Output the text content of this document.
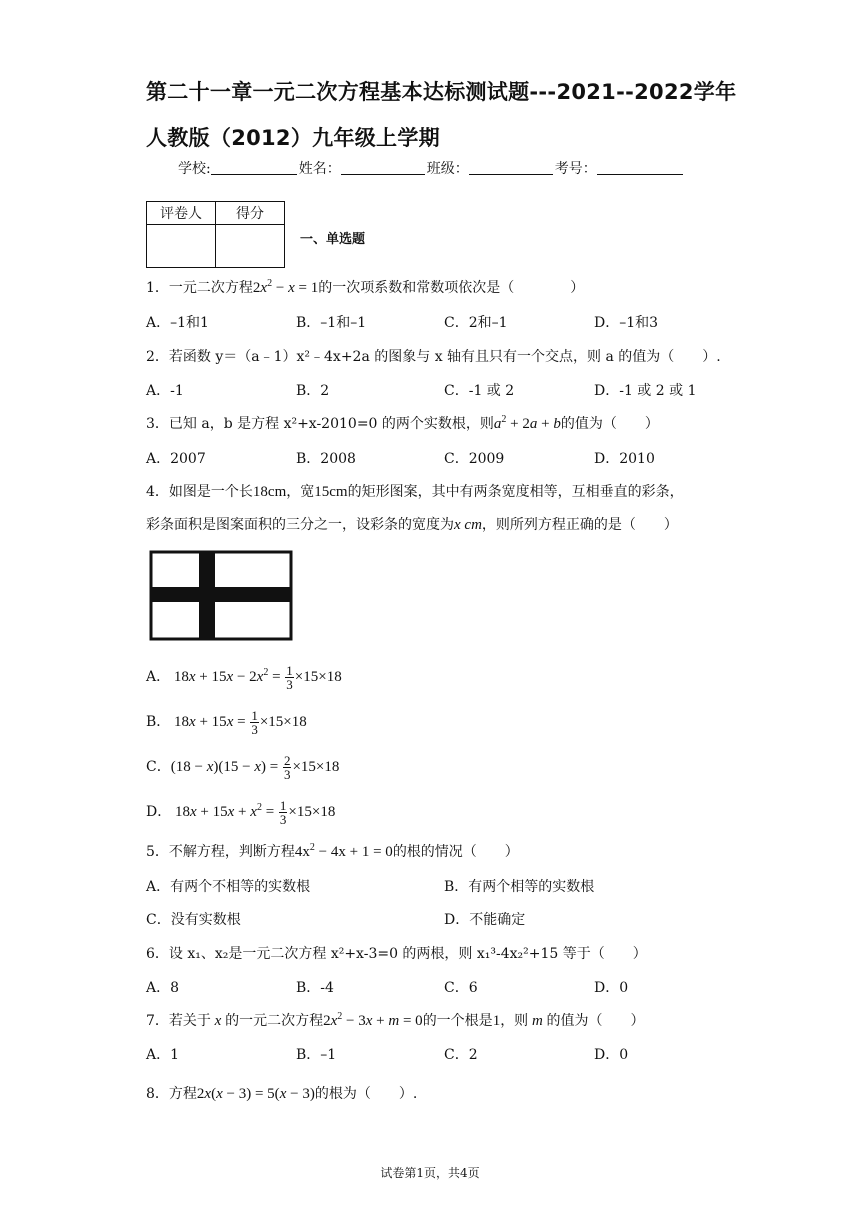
第二十一章一元二次方程基本达标测试题---2021--2022学年
人教版（2012）九年级上学期
学校:	姓名：	班级：	考号：
评卷人	得分

一、单选题
1．一元二次方程$2x^2 - x = 1$的一次项系数和常数项依次是（　　　　）
A．–1和1	B．–1和–1	C．2和–1	D．–1和3
2．若函数 y＝（a﹣1）x²﹣4x+2a 的图象与 x 轴有且只有一个交点，则 a 的值为（　　）.
A．-1	B．2	C．-1 或 2	D．-1 或 2 或 1
3．已知 a，b 是方程 x²+x-2010=0 的两个实数根，则$a^2 + 2a + b$的值为（　　）
A．2007	B．2008	C．2009	D．2010
4．如图是一个长18cm，宽15cm的矩形图案，其中有两条宽度相等，互相垂直的彩条，
彩条面积是图案面积的三分之一，设彩条的宽度为x cm，则所列方程正确的是（　　）
A． $18x + 15x - 2x^2 = \frac{1}{3} \times 15\times 18$
B． $18x + 15x = \frac{1}{3} \times 15\times 18$
C．$(18 - x)(15 - x) = \frac{2}{3} \times 15\times 18$
D． $18x + 15x + x^2 = \frac{1}{3} \times 15\times 18$
5．不解方程，判断方程$4x^2 - 4x + 1 = 0$的根的情况（　　）
A．有两个不相等的实数根	B．有两个相等的实数根
C．没有实数根	D．不能确定
6．设 x₁、x₂是一元二次方程 x²+x-3=0 的两根，则 x₁³-4x₂²+15 等于（　　）
A．8	B．-4	C．6	D．0
7．若关于 x 的一元二次方程$2x^2 - 3x + m = 0$的一个根是1，则 m 的值为（　　）
A．1	B．–1	C．2	D．0
8．方程2x(x − 3) = 5(x − 3)的根为（　　）.
试卷第1页，共4页
